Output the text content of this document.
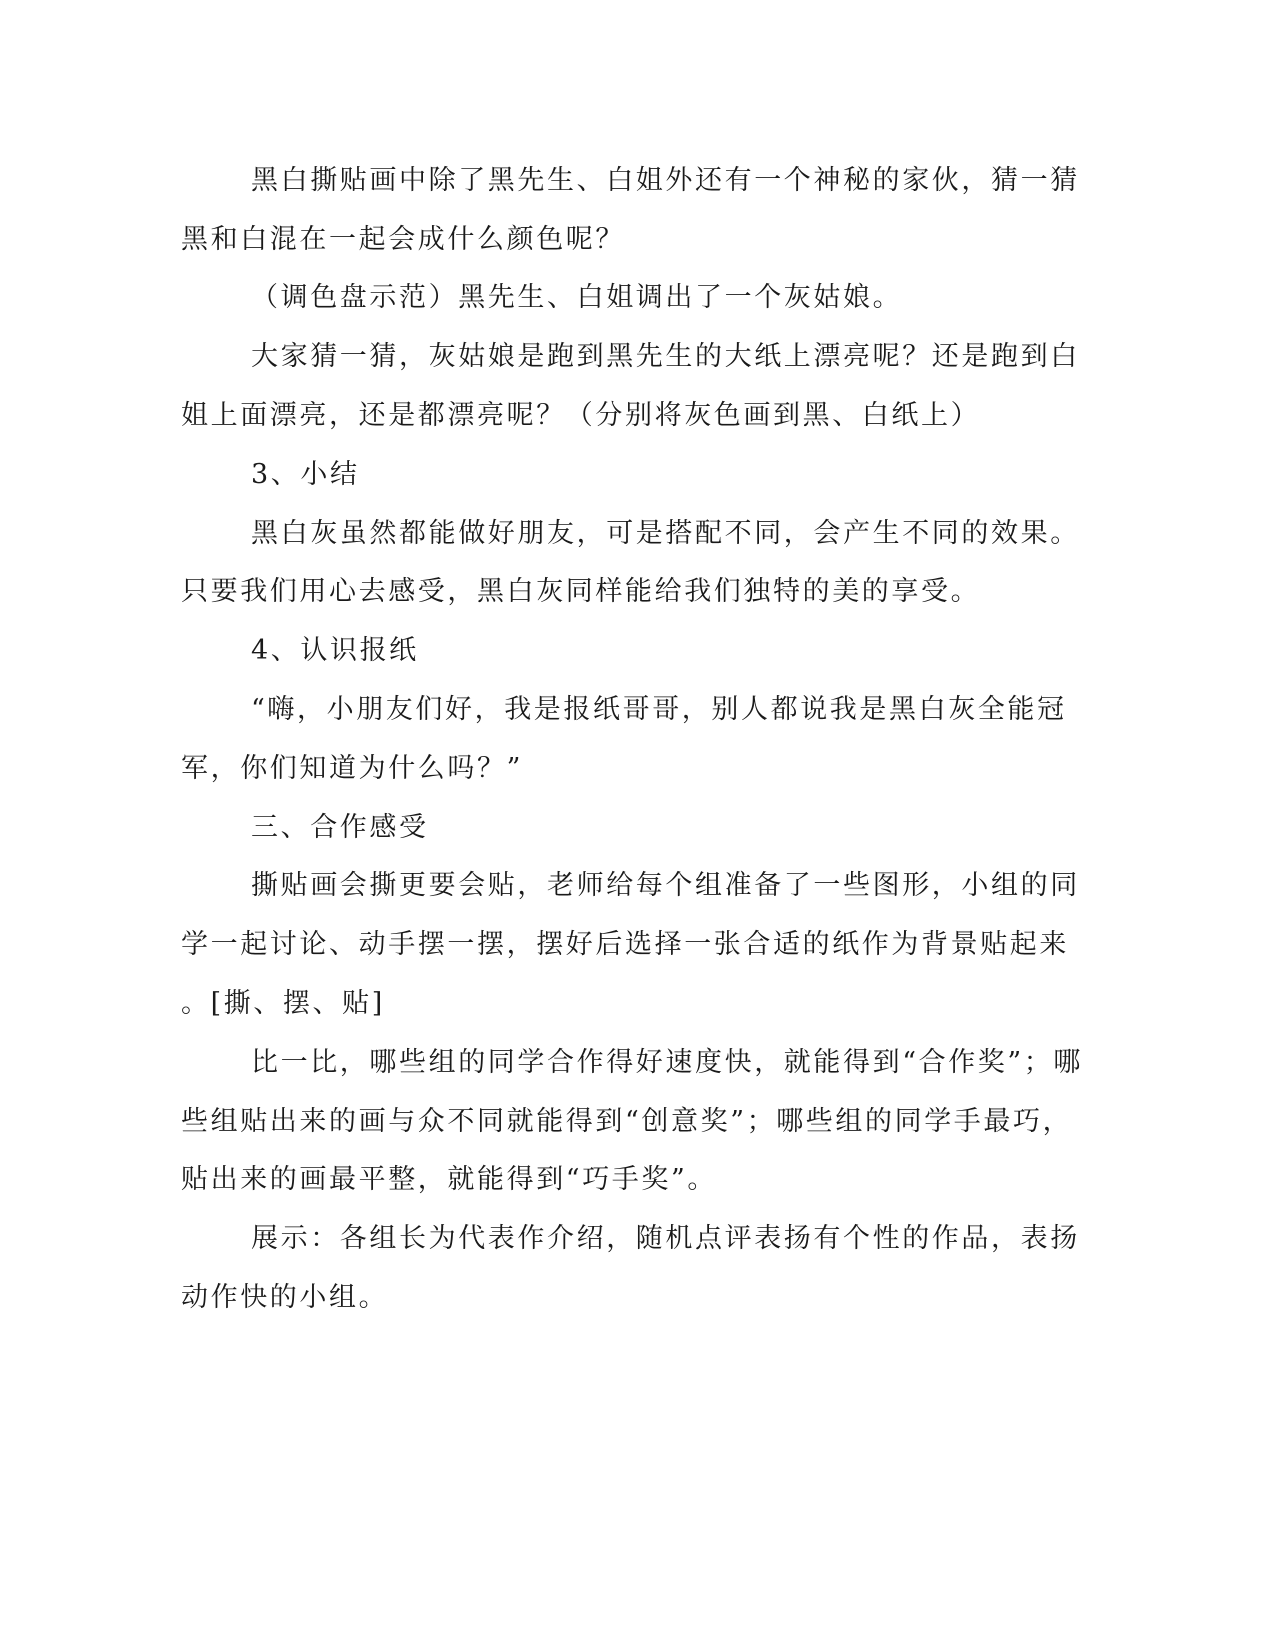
黑白撕贴画中除了黑先生、白姐外还有一个神秘的家伙，猜一猜
黑和白混在一起会成什么颜色呢？
（调色盘示范）黑先生、白姐调出了一个灰姑娘。
大家猜一猜，灰姑娘是跑到黑先生的大纸上漂亮呢？还是跑到白
姐上面漂亮，还是都漂亮呢？（分别将灰色画到黑、白纸上）
3、小结
黑白灰虽然都能做好朋友，可是搭配不同，会产生不同的效果。
只要我们用心去感受，黑白灰同样能给我们独特的美的享受。
4、认识报纸
“嗨，小朋友们好，我是报纸哥哥，别人都说我是黑白灰全能冠
军，你们知道为什么吗？”
三、合作感受
撕贴画会撕更要会贴，老师给每个组准备了一些图形，小组的同
学一起讨论、动手摆一摆，摆好后选择一张合适的纸作为背景贴起来
。[撕、摆、贴]
比一比，哪些组的同学合作得好速度快，就能得到“合作奖”；哪
些组贴出来的画与众不同就能得到“创意奖”；哪些组的同学手最巧，
贴出来的画最平整，就能得到“巧手奖”。
展示：各组长为代表作介绍，随机点评表扬有个性的作品，表扬
动作快的小组。
